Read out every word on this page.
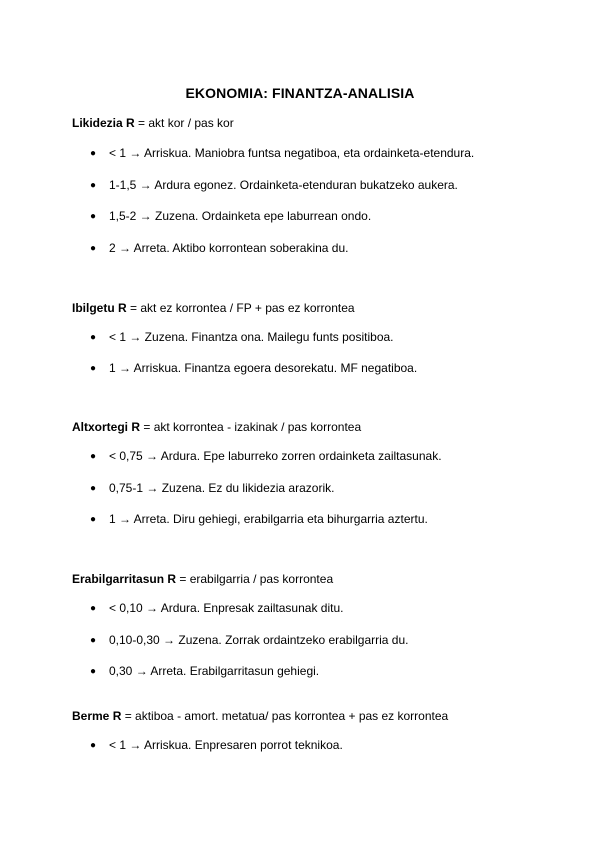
EKONOMIA: FINANTZA-ANALISIA
Likidezia R = akt kor / pas kor
● < 1 → Arriskua. Maniobra funtsa negatiboa, eta ordainketa-etendura.
● 1-1,5 → Ardura egonez. Ordainketa-etenduran bukatzeko aukera.
● 1,5-2 → Zuzena. Ordainketa epe laburrean ondo.
● 2 → Arreta. Aktibo korrontean soberakina du.
Ibilgetu R = akt ez korrontea / FP + pas ez korrontea
● < 1 → Zuzena. Finantza ona. Mailegu funts positiboa.
● 1 → Arriskua. Finantza egoera desorekatu. MF negatiboa.
Altxortegi R = akt korrontea - izakinak / pas korrontea
● < 0,75 → Ardura. Epe laburreko zorren ordainketa zailtasunak.
● 0,75-1 → Zuzena. Ez du likidezia arazorik.
● 1 → Arreta. Diru gehiegi, erabilgarria eta bihurgarria aztertu.
Erabilgarritasun R = erabilgarria / pas korrontea
● < 0,10 → Ardura. Enpresak zailtasunak ditu.
● 0,10-0,30 → Zuzena. Zorrak ordaintzeko erabilgarria du.
● 0,30 → Arreta. Erabilgarritasun gehiegi.
Berme R = aktiboa - amort. metatua/ pas korrontea + pas ez korrontea
● < 1 → Arriskua. Enpresaren porrot teknikoa.
